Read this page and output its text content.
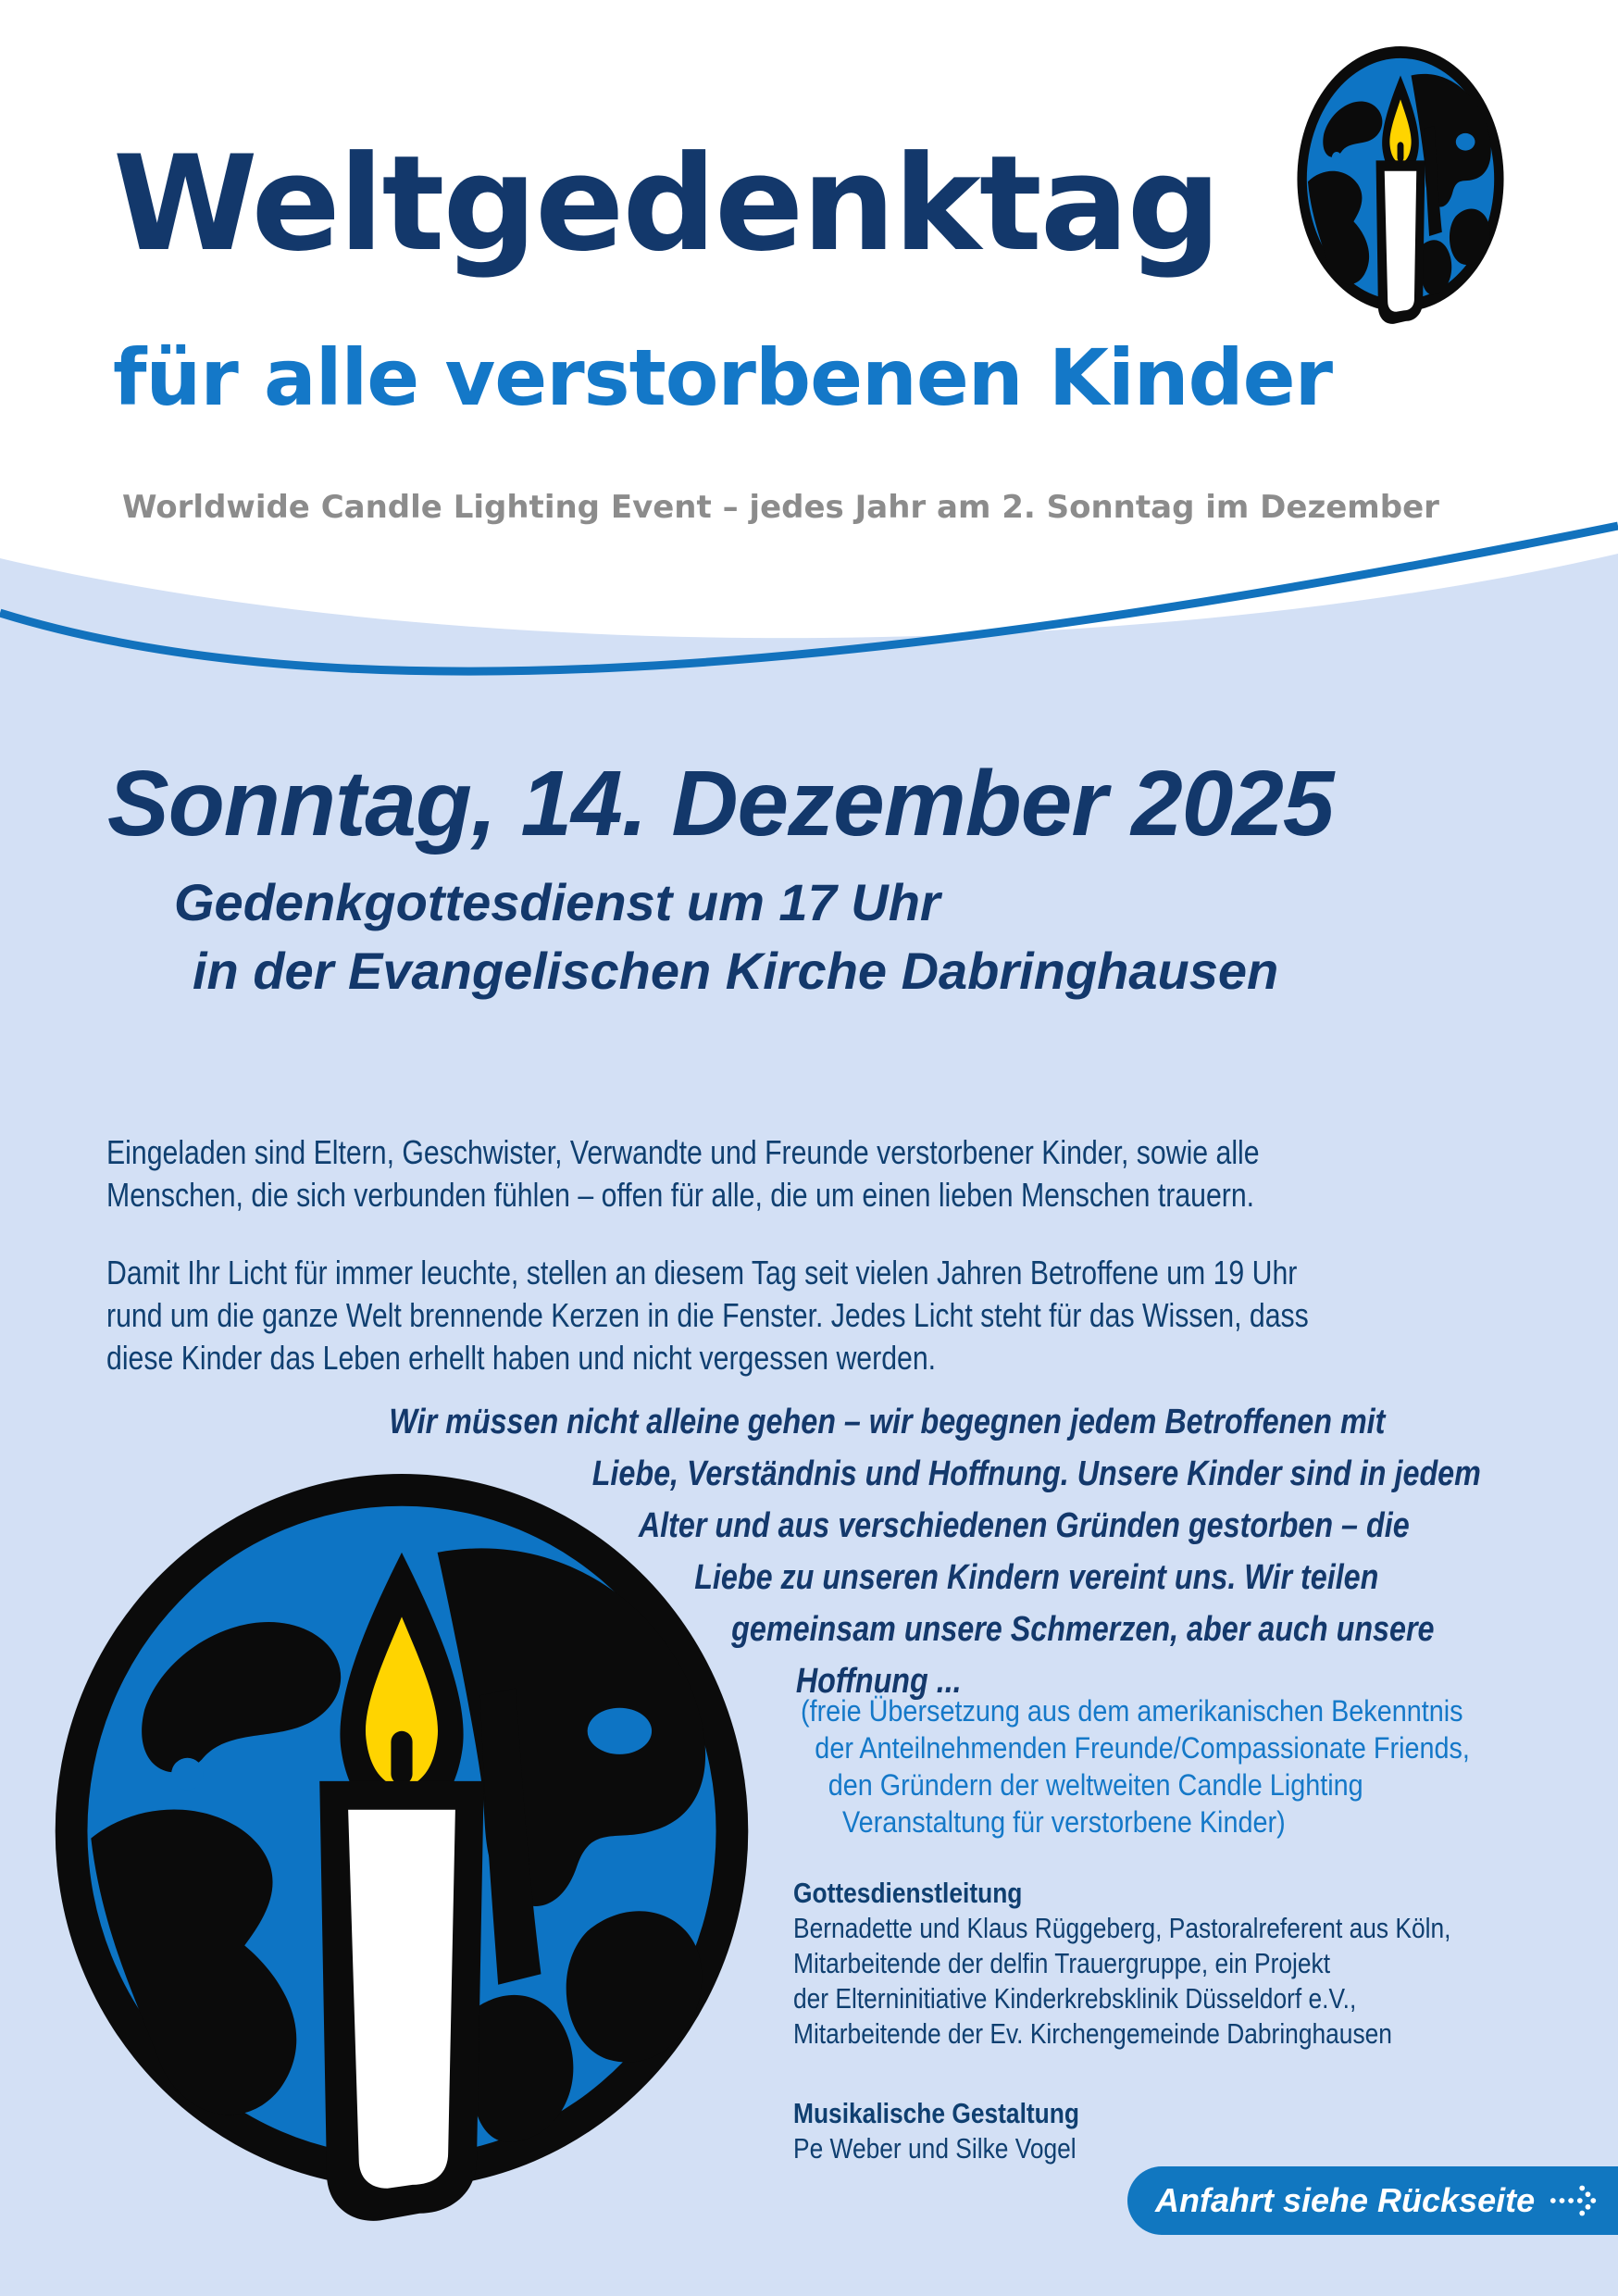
Weltgedenktag
für alle verstorbenen Kinder
Worldwide Candle Lighting Event – jedes Jahr am 2. Sonntag im Dezember
Sonntag, 14. Dezember 2025
Gedenkgottesdienst um 17 Uhr
in der Evangelischen Kirche Dabringhausen
Eingeladen sind Eltern, Geschwister, Verwandte und Freunde verstorbener Kinder, sowie alle
Menschen, die sich verbunden fühlen – offen für alle, die um einen lieben Menschen trauern.
Damit Ihr Licht für immer leuchte, stellen an diesem Tag seit vielen Jahren Betroffene um 19 Uhr
rund um die ganze Welt brennende Kerzen in die Fenster. Jedes Licht steht für das Wissen, dass
diese Kinder das Leben erhellt haben und nicht vergessen werden.
Wir müssen nicht alleine gehen – wir begegnen jedem Betroffenen mit
Liebe, Verständnis und Hoffnung. Unsere Kinder sind in jedem
Alter und aus verschiedenen Gründen gestorben – die
Liebe zu unseren Kindern vereint uns. Wir teilen
gemeinsam unsere Schmerzen, aber auch unsere
Hoffnung ...
(freie Übersetzung aus dem amerikanischen Bekenntnis
der Anteilnehmenden Freunde/Compassionate Friends,
den Gründern der weltweiten Candle Lighting
Veranstaltung für verstorbene Kinder)
Gottesdienstleitung
Bernadette und Klaus Rüggeberg, Pastoralreferent aus Köln,
Mitarbeitende der delfin Trauergruppe, ein Projekt
der Elterninitiative Kinderkrebsklinik Düsseldorf e.V.,
Mitarbeitende der Ev. Kirchengemeinde Dabringhausen
Musikalische Gestaltung
Pe Weber und Silke Vogel
Anfahrt siehe Rückseite
